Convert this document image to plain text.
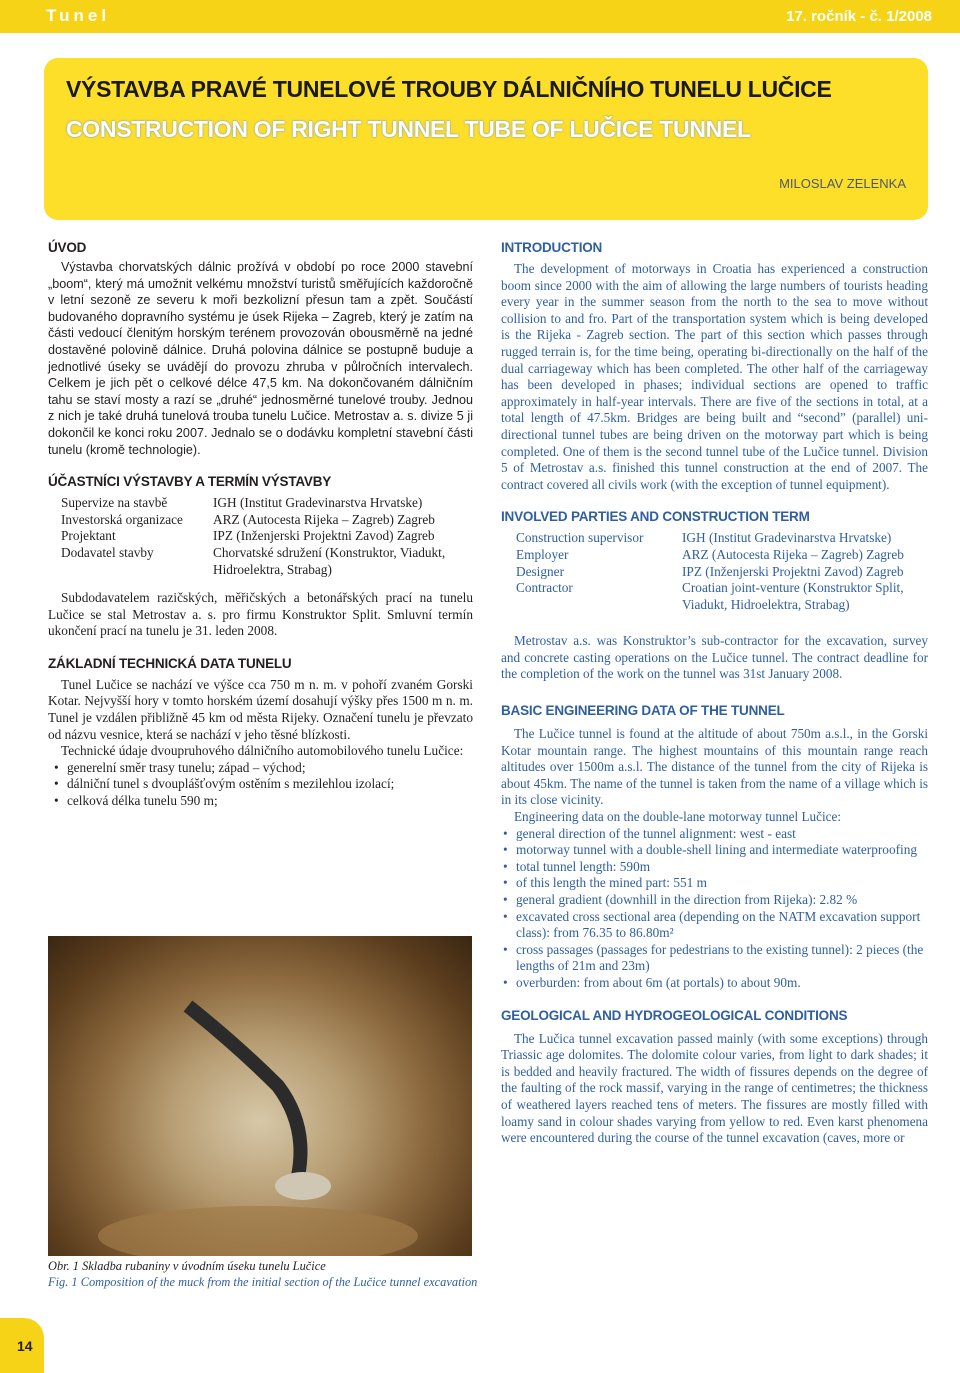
Tunel	17. ročník - č. 1/2008
VÝSTAVBA PRAVÉ TUNELOVÉ TROUBY DÁLNIČNÍHO TUNELU LUČICE
CONSTRUCTION OF RIGHT TUNNEL TUBE OF LUČICE TUNNEL
MILOSLAV ZELENKA
ÚVOD

Výstavba chorvatských dálnic prožívá v období po roce 2000 stavební „boom“, který má umožnit velkému množství turistů směřujících každoročně v letní sezoně ze severu k moři bezkolizní přesun tam a zpět. Součástí budovaného dopravního systému je úsek Rijeka – Zagreb, který je zatím na části vedoucí členitým horským terénem provozován obousměrně na jedné dostavěné polovině dálnice. Druhá polovina dálnice se postupně buduje a jednotlivé úseky se uvádějí do provozu zhruba v půlročních intervalech. Celkem je jich pět o celkové délce 47,5 km. Na dokončovaném dálničním tahu se staví mosty a razí se „druhé“ jednosměrné tunelové trouby. Jednou z nich je také druhá tunelová trouba tunelu Lučice. Metrostav a. s. divize 5 ji dokončil ke konci roku 2007. Jednalo se o dodávku kompletní stavební části tunelu (kromě technologie).

ÚČASTNÍCI VÝSTAVBY A TERMÍN VÝSTAVBY
Supervize na stavbě	IGH (Institut Gradevinarstva Hrvatske)
Investorská organizace	ARZ (Autocesta Rijeka – Zagreb) Zagreb
Projektant	IPZ (Inženjerski Projektni Zavod) Zagreb
Dodavatel stavby	Chorvatské sdružení (Konstruktor, Viadukt, Hidroelektra, Strabag)

Subdodavatelem razičských, měřičských a betonářských prací na tunelu Lučice se stal Metrostav a. s. pro firmu Konstruktor Split. Smluvní termín ukončení prací na tunelu je 31. leden 2008.

ZÁKLADNÍ TECHNICKÁ DATA TUNELU

Tunel Lučice se nachází ve výšce cca 750 m n. m. v pohoří zvaném Gorski Kotar. Nejvyšší hory v tomto horském území dosahují výšky přes 1500 m n. m. Tunel je vzdálen přibližně 45 km od města Rijeky. Označení tunelu je převzato od názvu vesnice, která se nachází v jeho těsné blízkosti.

Technické údaje dvoupruhového dálničního automobilového tunelu Lučice:

• generelní směr trasy tunelu; západ – východ;
• dálniční tunel s dvouplášťovým ostěním s mezilehlou izolací;
• celková délka tunelu 590 m;
Obr. 1 Skladba rubaniny v úvodním úseku tunelu Lučice
Fig. 1 Composition of the muck from the initial section of the Lučice tunnel excavation
INTRODUCTION

The development of motorways in Croatia has experienced a construction boom since 2000 with the aim of allowing the large numbers of tourists heading every year in the summer season from the north to the sea to move without collision to and fro. Part of the transportation system which is being developed is the Rijeka - Zagreb section. The part of this section which passes through rugged terrain is, for the time being, operating bi-directionally on the half of the dual carriageway which has been completed. The other half of the carriageway has been developed in phases; individual sections are opened to traffic approximately in half-year intervals. There are five of the sections in total, at a total length of 47.5km. Bridges are being built and “second” (parallel) uni-directional tunnel tubes are being driven on the motorway part which is being completed. One of them is the second tunnel tube of the Lučice tunnel. Division 5 of Metrostav a.s. finished this tunnel construction at the end of 2007. The contract covered all civils work (with the exception of tunnel equipment).

INVOLVED PARTIES AND CONSTRUCTION TERM
Construction supervisor	IGH (Institut Gradevinarstva Hrvatske)
Employer	ARZ (Autocesta Rijeka – Zagreb) Zagreb
Designer	IPZ (Inženjerski Projektni Zavod) Zagreb
Contractor	Croatian joint-venture (Konstruktor Split, Viadukt, Hidroelektra, Strabag)

Metrostav a.s. was Konstruktor’s sub-contractor for the excavation, survey and concrete casting operations on the Lučice tunnel. The contract deadline for the completion of the work on the tunnel was 31st January 2008.

BASIC ENGINEERING DATA OF THE TUNNEL

The Lučice tunnel is found at the altitude of about 750m a.s.l., in the Gorski Kotar mountain range. The highest mountains of this mountain range reach altitudes over 1500m a.s.l. The distance of the tunnel from the city of Rijeka is about 45km. The name of the tunnel is taken from the name of a village which is in its close vicinity.

Engineering data on the double-lane motorway tunnel Lučice:

• general direction of the tunnel alignment: west - east
• motorway tunnel with a double-shell lining and intermediate waterproofing
• total tunnel length: 590m
• of this length the mined part: 551 m
• general gradient (downhill in the direction from Rijeka): 2.82 %
• excavated cross sectional area (depending on the NATM excavation support class): from 76.35 to 86.80m²
• cross passages (passages for pedestrians to the existing tunnel): 2 pieces (the lengths of 21m and 23m)
• overburden: from about 6m (at portals) to about 90m.
GEOLOGICAL AND HYDROGEOLOGICAL CONDITIONS

The Lučica tunnel excavation passed mainly (with some exceptions) through Triassic age dolomites. The dolomite colour varies, from light to dark shades; it is bedded and heavily fractured. The width of fissures depends on the degree of the faulting of the rock massif, varying in the range of centimetres; the thickness of weathered layers reached tens of meters. The fissures are mostly filled with loamy sand in colour shades varying from yellow to red. Even karst phenomena were encountered during the course of the tunnel excavation (caves, more or

14
